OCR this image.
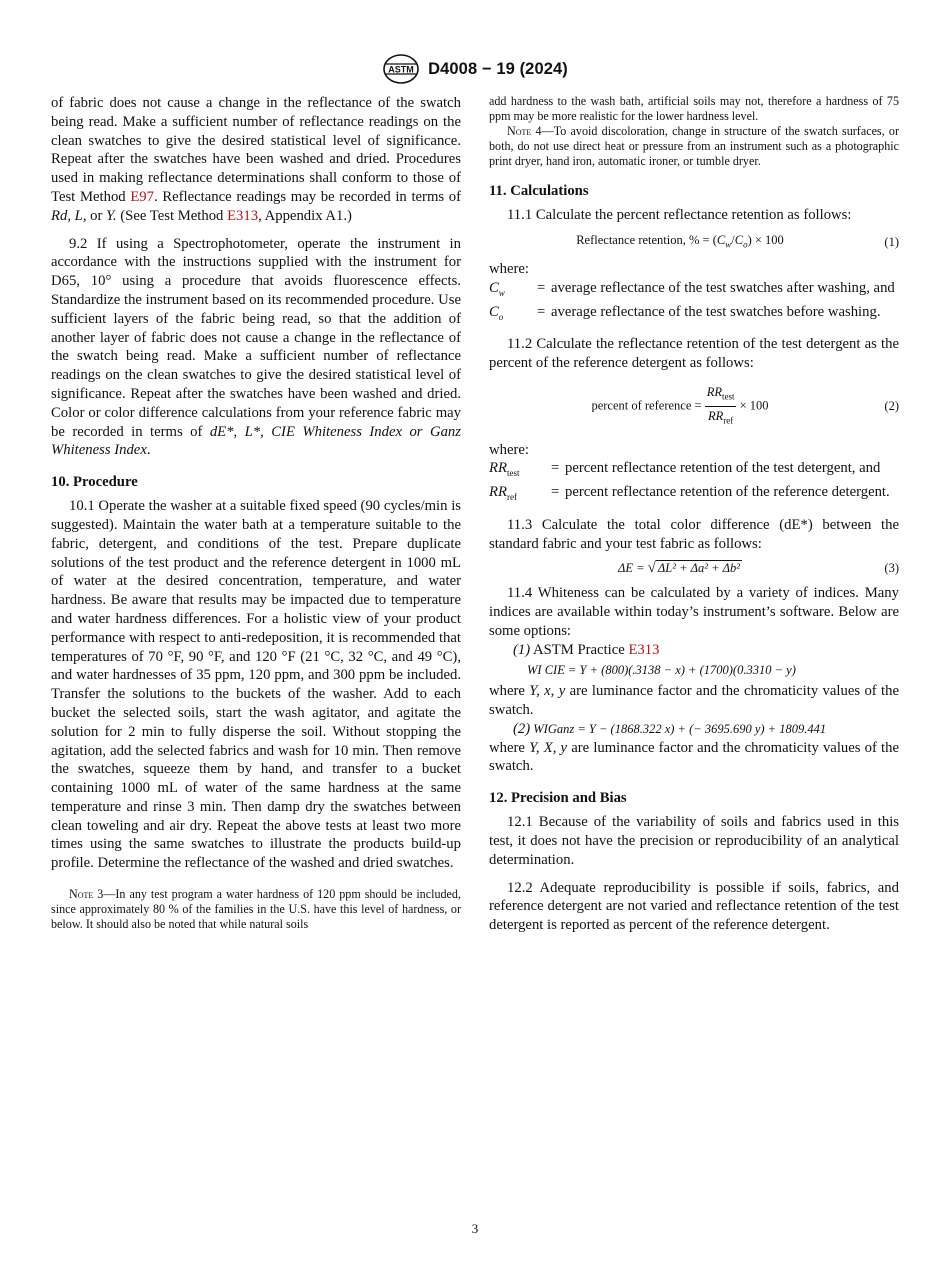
ASTM D4008 − 19 (2024)

of fabric does not cause a change in the reflectance of the swatch being read. Make a sufficient number of reflectance readings on the clean swatches to give the desired statistical level of significance. Repeat after the swatches have been washed and dried. Procedures used in making reflectance determinations shall conform to those of Test Method E97. Reflectance readings may be recorded in terms of Rd, L, or Y. (See Test Method E313, Appendix A1.)

9.2 If using a Spectrophotometer, operate the instrument in accordance with the instructions supplied with the instrument for D65, 10° using a procedure that avoids fluorescence effects. Standardize the instrument based on its recommended procedure. Use sufficient layers of the fabric being read, so that the addition of another layer of fabric does not cause a change in the reflectance of the swatch being read. Make a sufficient number of reflectance readings on the clean swatches to give the desired statistical level of significance. Repeat after the swatches have been washed and dried. Color or color difference calculations from your reference fabric may be recorded in terms of dE*, L*, CIE Whiteness Index or Ganz Whiteness Index.

10. Procedure

10.1 Operate the washer at a suitable fixed speed (90 cycles/min is suggested). Maintain the water bath at a temperature suitable to the fabric, detergent, and conditions of the test. Prepare duplicate solutions of the test product and the reference detergent in 1000 mL of water at the desired concentration, temperature, and water hardness. Be aware that results may be impacted due to temperature and water hardness differences. For a holistic view of your product performance with respect to anti-redeposition, it is recommended that temperatures of 70 °F, 90 °F, and 120 °F (21 °C, 32 °C, and 49 °C), and water hardnesses of 35 ppm, 120 ppm, and 300 ppm be included. Transfer the solutions to the buckets of the washer. Add to each bucket the selected soils, start the wash agitator, and agitate the solution for 2 min to fully disperse the soil. Without stopping the agitation, add the selected fabrics and wash for 10 min. Then remove the swatches, squeeze them by hand, and transfer to a bucket containing 1000 mL of water of the same hardness at the same temperature and rinse 3 min. Then damp dry the swatches between clean toweling and air dry. Repeat the above tests at least two more times using the same swatches to illustrate the products build-up profile. Determine the reflectance of the washed and dried swatches.

Note 3—In any test program a water hardness of 120 ppm should be included, since approximately 80 % of the families in the U.S. have this level of hardness, or below. It should also be noted that while natural soils

add hardness to the wash bath, artificial soils may not, therefore a hardness of 75 ppm may be more realistic for the lower hardness level.

Note 4—To avoid discoloration, change in structure of the swatch surfaces, or both, do not use direct heat or pressure from an instrument such as a photographic print dryer, hand iron, automatic ironer, or tumble dryer.

11. Calculations

11.1 Calculate the percent reflectance retention as follows:

Reflectance retention, % = $(C_w/C_o) \times 100$	(1)

where:

$C_w$	= average reflectance of the test swatches after washing, and
$C_o$	= average reflectance of the test swatches before washing.

11.2 Calculate the reflectance retention of the test detergent as the percent of the reference detergent as follows:

percent of reference = $\frac{RR_{test}}{RR_{ref}} \times 100$	(2)

where:

$RR_{test}$	= percent reflectance retention of the test detergent, and
$RR_{ref}$	= percent reflectance retention of the reference detergent.

11.3 Calculate the total color difference (dE*) between the standard fabric and your test fabric as follows:

ΔE = √ ΔL² + Δa² + Δb²	(3)

11.4 Whiteness can be calculated by a variety of indices. Many indices are available within today’s instrument’s software. Below are some options:

(1) ASTM Practice E313

WI CIE = Y + (800)(.3138 − x) + (1700)(0.3310 − y)

where Y, x, y are luminance factor and the chromaticity values of the swatch.

(2) WIGanz = Y − (1868.322 x) + (− 3695.690 y) + 1809.441

where Y, X, y are luminance factor and the chromaticity values of the swatch.

12. Precision and Bias

12.1 Because of the variability of soils and fabrics used in this test, it does not have the precision or reproducibility of an analytical determination.

12.2 Adequate reproducibility is possible if soils, fabrics, and reference detergent are not varied and reflectance retention of the test detergent is reported as percent of the reference detergent.

3
